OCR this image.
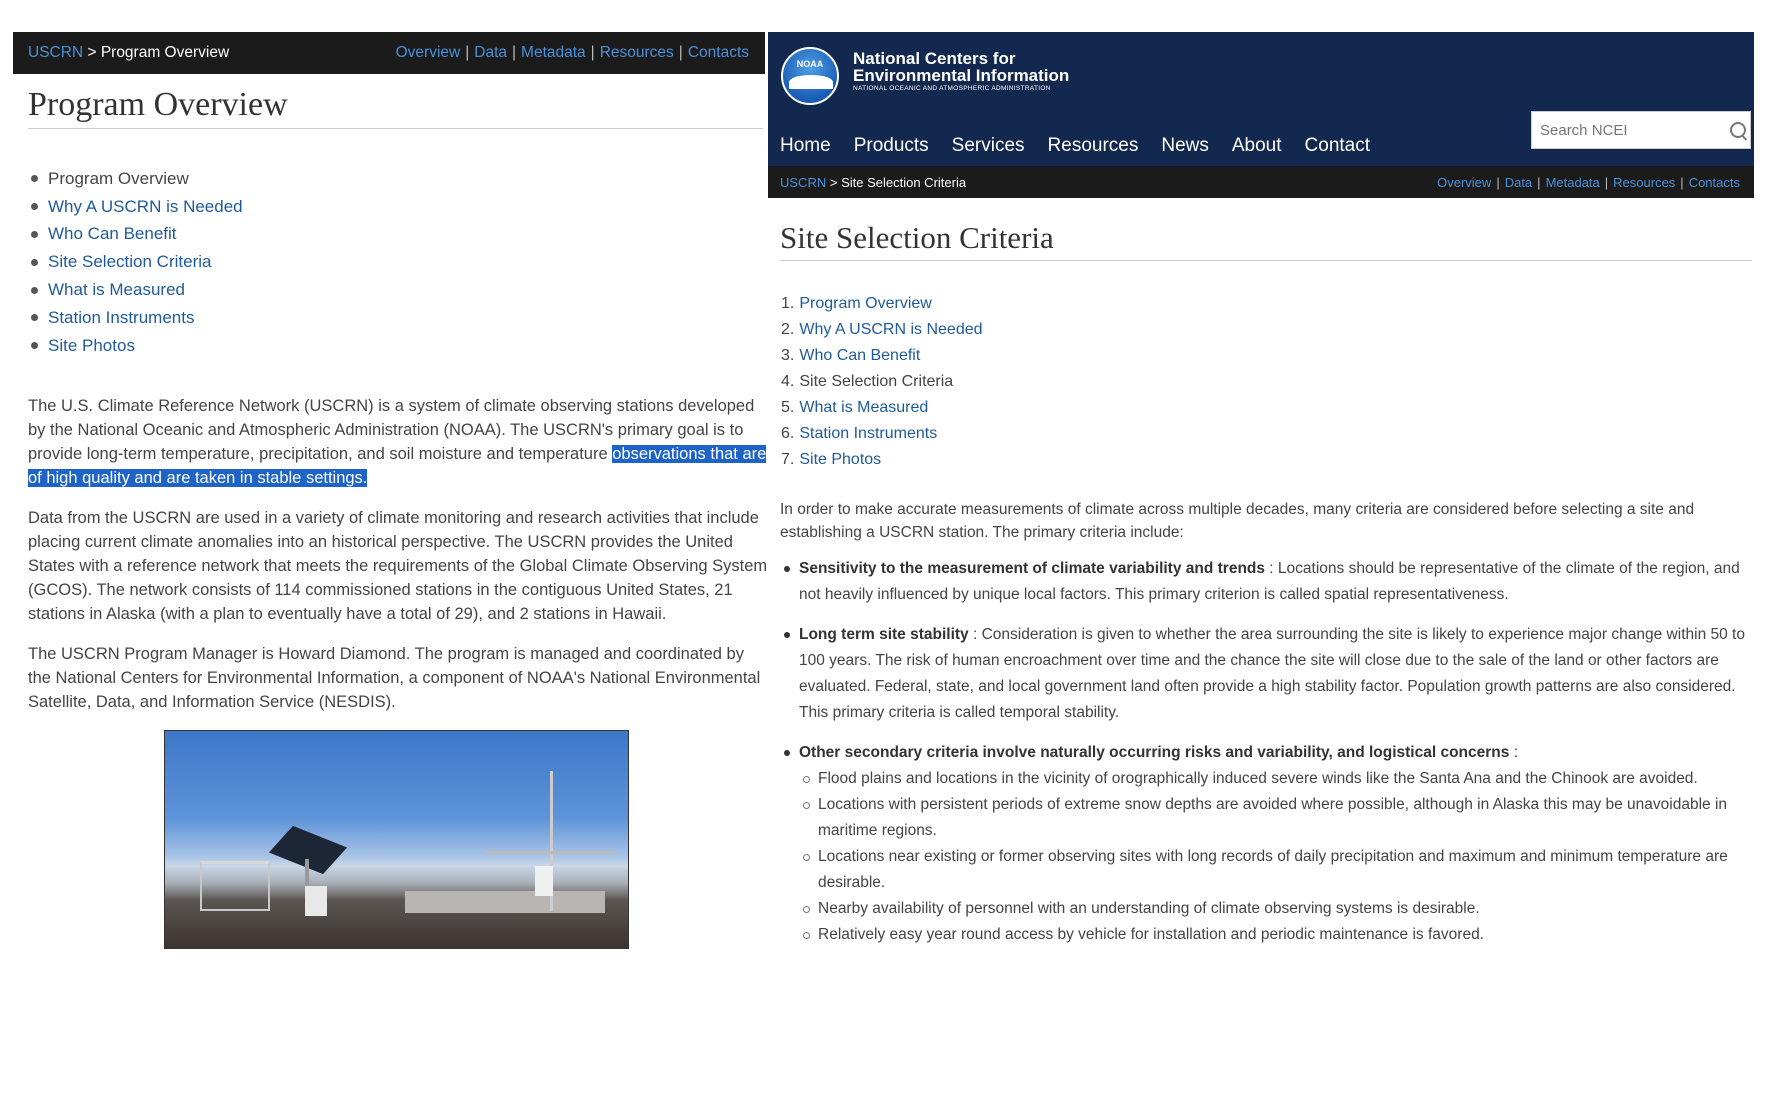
USCRN > Program Overview	Overview | Data | Metadata | Resources | Contacts
Program Overview
Program Overview
Why A USCRN is Needed
Who Can Benefit
Site Selection Criteria
What is Measured
Station Instruments
Site Photos

The U.S. Climate Reference Network (USCRN) is a system of climate observing stations developed by the National Oceanic and Atmospheric Administration (NOAA). The USCRN's primary goal is to provide long-term temperature, precipitation, and soil moisture and temperature observations that are of high quality and are taken in stable settings.

Data from the USCRN are used in a variety of climate monitoring and research activities that include placing current climate anomalies into an historical perspective. The USCRN provides the United States with a reference network that meets the requirements of the Global Climate Observing System (GCOS). The network consists of 114 commissioned stations in the contiguous United States, 21 stations in Alaska (with a plan to eventually have a total of 29), and 2 stations in Hawaii.

The USCRN Program Manager is Howard Diamond. The program is managed and coordinated by the National Centers for Environmental Information, a component of NOAA's National Environmental Satellite, Data, and Information Service (NESDIS).

NOAA	National Centers for
Environmental Information
NATIONAL OCEANIC AND ATMOSPHERIC ADMINISTRATION
Search NCEI
Home Products Services Resources News About Contact
USCRN > Site Selection Criteria	Overview | Data | Metadata | Resources | Contacts
Site Selection Criteria
1. Program Overview
2. Why A USCRN is Needed
3. Who Can Benefit
4. Site Selection Criteria
5. What is Measured
6. Station Instruments
7. Site Photos

In order to make accurate measurements of climate across multiple decades, many criteria are considered before selecting a site and establishing a USCRN station. The primary criteria include:

Sensitivity to the measurement of climate variability and trends : Locations should be representative of the climate of the region, and not heavily influenced by unique local factors. This primary criterion is called spatial representativeness.
Long term site stability : Consideration is given to whether the area surrounding the site is likely to experience major change within 50 to 100 years. The risk of human encroachment over time and the chance the site will close due to the sale of the land or other factors are evaluated. Federal, state, and local government land often provide a high stability factor. Population growth patterns are also considered. This primary criteria is called temporal stability.
Other secondary criteria involve naturally occurring risks and variability, and logistical concerns :
Flood plains and locations in the vicinity of orographically induced severe winds like the Santa Ana and the Chinook are avoided.
Locations with persistent periods of extreme snow depths are avoided where possible, although in Alaska this may be unavoidable in maritime regions.
Locations near existing or former observing sites with long records of daily precipitation and maximum and minimum temperature are desirable.
Nearby availability of personnel with an understanding of climate observing systems is desirable.
Relatively easy year round access by vehicle for installation and periodic maintenance is favored.
